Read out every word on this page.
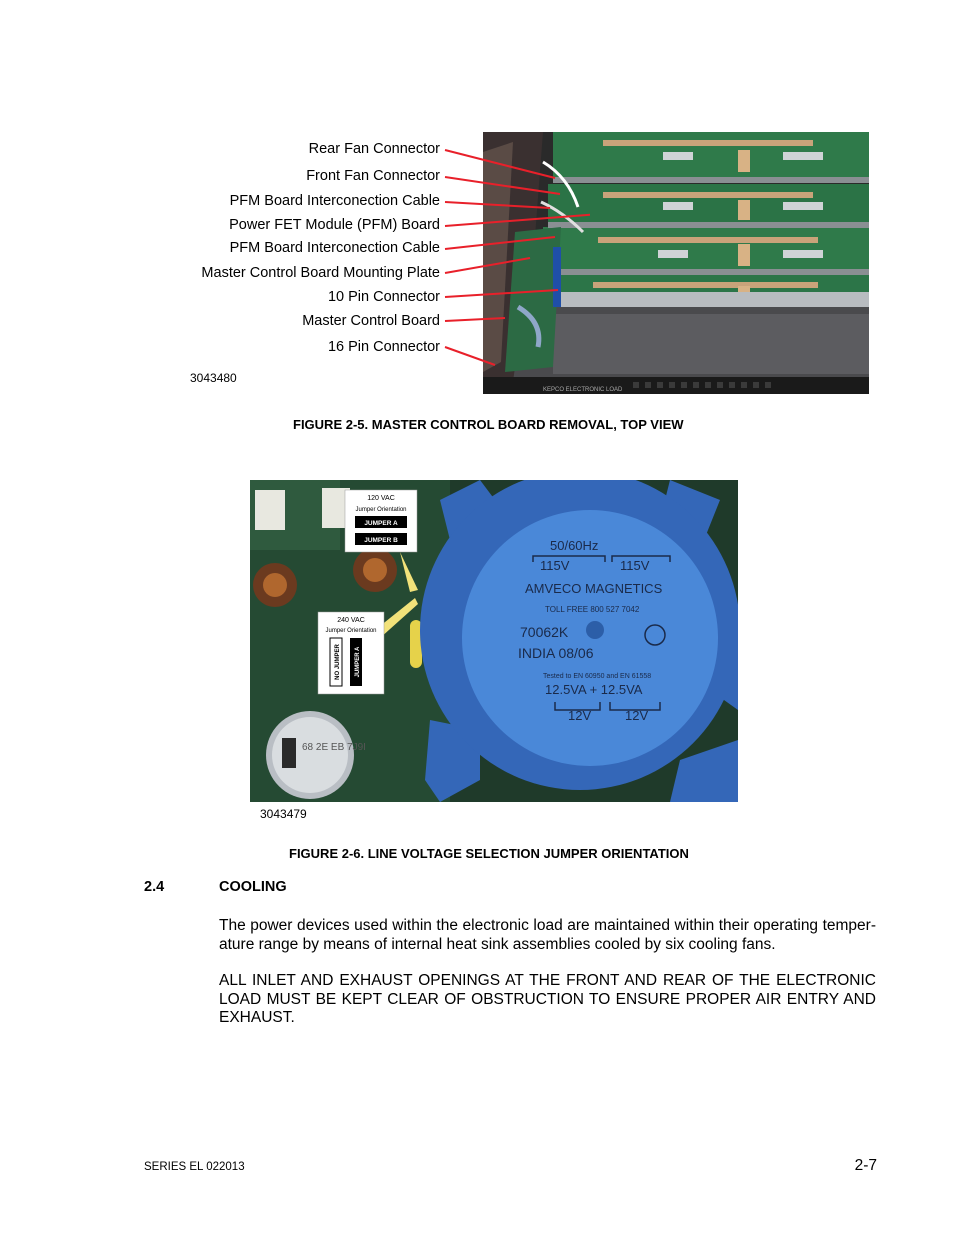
Rear Fan Connector
Front Fan Connector
PFM Board Interconection Cable
Power FET Module (PFM) Board
PFM Board Interconection Cable
Master Control Board Mounting Plate
10 Pin Connector
Master Control Board
16 Pin Connector
3043480
KEPCO ELECTRONIC LOAD
FIGURE 2-5. MASTER CONTROL BOARD REMOVAL, TOP VIEW
68 2E EB 7J9I
50/60Hz
115V	115V
AMVECO MAGNETICS
TOLL FREE 800 527 7042
70062K
INDIA 08/06
Tested to EN 60950 and EN 61558
12.5VA + 12.5VA
12V	12V
120 VAC
Jumper Orientation
JUMPER A
JUMPER B
240 VAC
Jumper Orientation
NO JUMPER JUMPER A
3043479
FIGURE 2-6. LINE VOLTAGE SELECTION JUMPER ORIENTATION
2.4	COOLING
The power devices used within the electronic load are maintained within their operating temper-
ature range by means of internal heat sink assemblies cooled by six cooling fans.
ALL INLET AND EXHAUST OPENINGS AT THE FRONT AND REAR OF THE ELECTRONIC
LOAD MUST BE KEPT CLEAR OF OBSTRUCTION TO ENSURE PROPER AIR ENTRY AND
EXHAUST.
SERIES EL 022013	2-7
